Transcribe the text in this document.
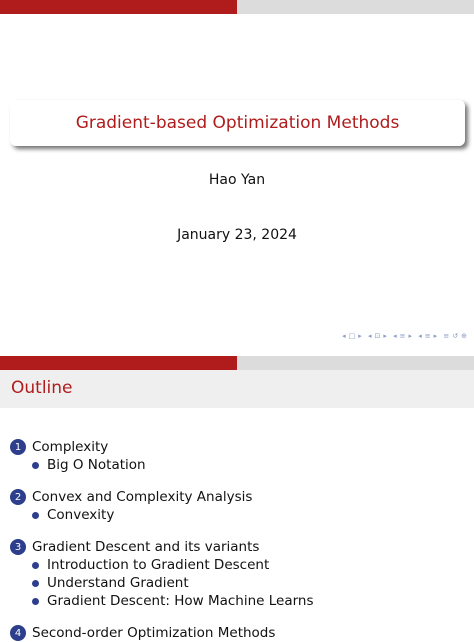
Gradient-based Optimization Methods
Hao Yan
January 23, 2024
◂ □ ▸ ◂ ⊡ ▸ ◂ ≡ ▸ ◂ ≡ ▸ ≡ ↺ ⊕
Outline
1 Complexity
Big O Notation
2 Convex and Complexity Analysis
Convexity
3 Gradient Descent and its variants
Introduction to Gradient Descent
Understand Gradient
Gradient Descent: How Machine Learns
4 Second-order Optimization Methods
